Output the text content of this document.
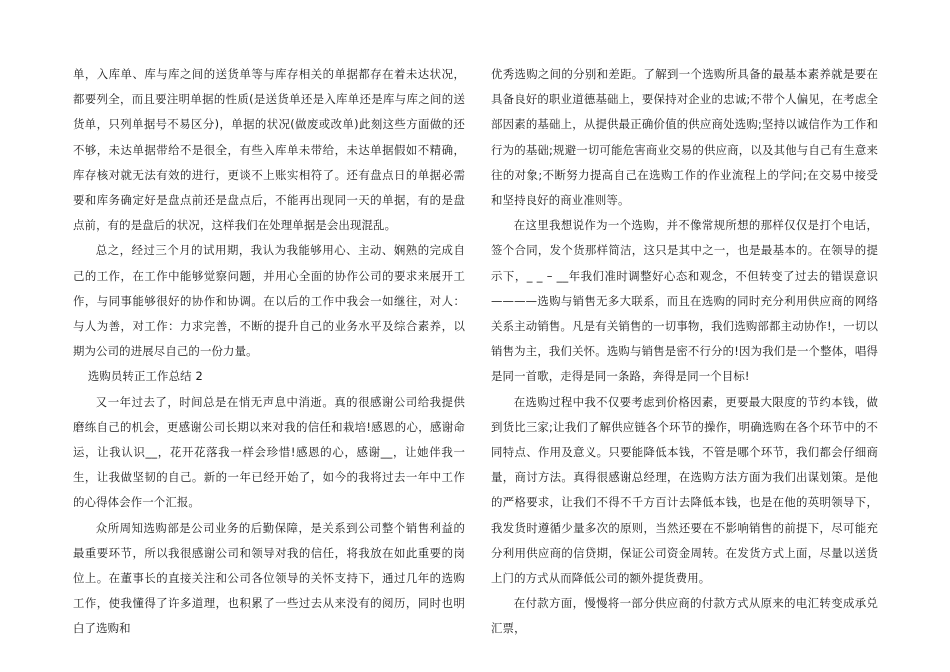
单，入库单、库与库之间的送货单等与库存相关的单据都存在着未达状况，都要列全，而且要注明单据的性质(是送货单还是入库单还是库与库之间的送货单，只列单据号不易区分)，单据的状况(做废或改单)此刻这些方面做的还不够，未达单据带给不是很全，有些入库单未带给，未达单据假如不精确，库存核对就无法有效的进行，更谈不上账实相符了。还有盘点日的单据必需要和库务确定好是盘点前还是盘点后，不能再出现同一天的单据，有的是盘点前，有的是盘后的状况，这样我们在处理单据是会出现混乱。

总之，经过三个月的试用期，我认为我能够用心、主动、娴熟的完成自己的工作，在工作中能够觉察问题，并用心全面的协作公司的要求来展开工作，与同事能够很好的协作和协调。在以后的工作中我会一如继往，对人：与人为善，对工作：力求完善，不断的提升自己的业务水平及综合素养，以期为公司的进展尽自己的一份力量。

选购员转正工作总结 2

又一年过去了，时间总是在悄无声息中消逝。真的很感谢公司给我提供磨练自己的机会，更感谢公司长期以来对我的信任和栽培!感恩的心，感谢命运，让我认识__，花开花落我一样会珍惜!感恩的心，感谢__，让她伴我一生，让我做坚韧的自己。新的一年已经开始了，如今的我将过去一年中工作的心得体会作一个汇报。

众所周知选购部是公司业务的后勤保障，是关系到公司整个销售利益的最重要环节，所以我很感谢公司和领导对我的信任，将我放在如此重要的岗位上。在董事长的直接关注和公司各位领导的关怀支持下，通过几年的选购工作，使我懂得了许多道理，也积累了一些过去从来没有的阅历，同时也明白了选购和

优秀选购之间的分别和差距。了解到一个选购所具备的最基本素养就是要在具备良好的职业道德基础上，要保持对企业的忠诚;不带个人偏见，在考虑全部因素的基础上，从提供最正确价值的供应商处选购;坚持以诚信作为工作和行为的基础;规避一切可能危害商业交易的供应商，以及其他与自己有生意来往的对象;不断努力提高自己在选购工作的作业流程上的学问;在交易中接受和坚持良好的商业准则等。

在这里我想说作为一个选购，并不像常规所想的那样仅仅是打个电话，签个合同，发个货那样简洁，这只是其中之一，也是最基本的。在领导的提示下，_ _ – __年我们准时调整好心态和观念，不但转变了过去的错误意识————选购与销售无多大联系，而且在选购的同时充分利用供应商的网络关系主动销售。凡是有关销售的一切事物，我们选购部都主动协作!，一切以销售为主，我们关怀。选购与销售是密不行分的!因为我们是一个整体，唱得是同一首歌，走得是同一条路，奔得是同一个目标!

在选购过程中我不仅要考虑到价格因素，更要最大限度的节约本钱，做到货比三家;让我们了解供应链各个环节的操作，明确选购在各个环节中的不同特点、作用及意义。只要能降低本钱，不管是哪个环节，我们都会仔细商量，商讨方法。真得很感谢总经理，在选购方法方面为我们出谋划策。是他的严格要求，让我们不得不千方百计去降低本钱，也是在他的英明领导下，我发货时遵循少量多次的原则，当然还要在不影响销售的前提下，尽可能充分利用供应商的信贷期，保证公司资金周转。在发货方式上面，尽量以送货上门的方式从而降低公司的额外提货费用。

在付款方面，慢慢将一部分供应商的付款方式从原来的电汇转变成承兑汇票，
